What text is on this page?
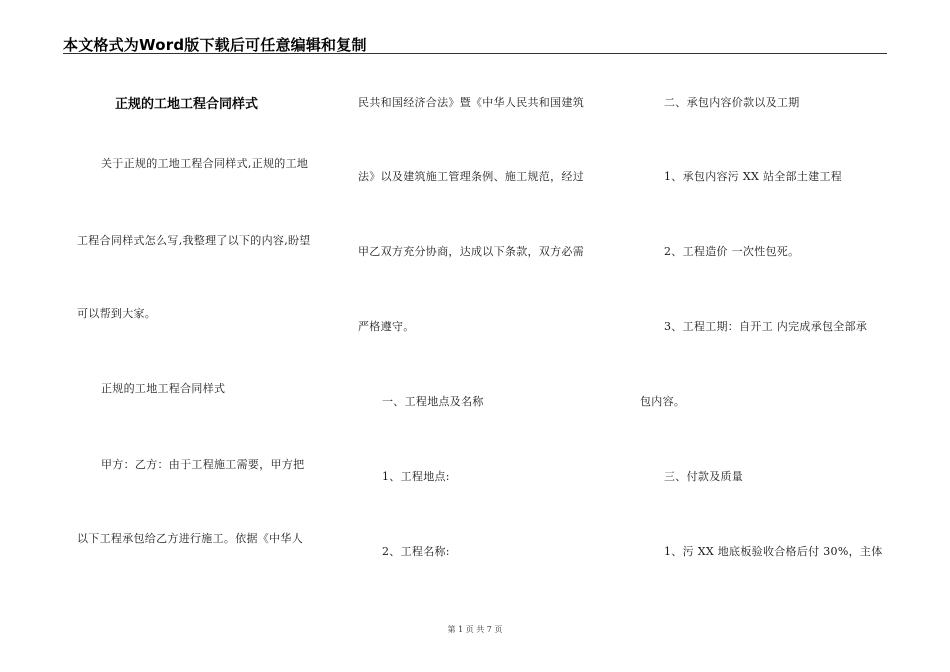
本文格式为Word版下载后可任意编辑和复制
正规的工地工程合同样式
关于正规的工地工程合同样式,正规的工地
工程合同样式怎么写,我整理了以下的内容,盼望
可以帮到大家。
正规的工地工程合同样式
甲方：乙方：由于工程施工需要，甲方把
以下工程承包给乙方进行施工。依据《中华人
民共和国经济合法》暨《中华人民共和国建筑
法》以及建筑施工管理条例、施工规范，经过
甲乙双方充分协商，达成以下条款，双方必需
严格遵守。
一、工程地点及名称
1、工程地点:
2、工程名称:
二、承包内容价款以及工期
1、承包内容污 XX 站全部土建工程
2、工程造价 一次性包死。
3、工程工期：自开工 内完成承包全部承
包内容。
三、付款及质量
1、污 XX 地底板验收合格后付 30%，主体
第 1 页 共 7 页
